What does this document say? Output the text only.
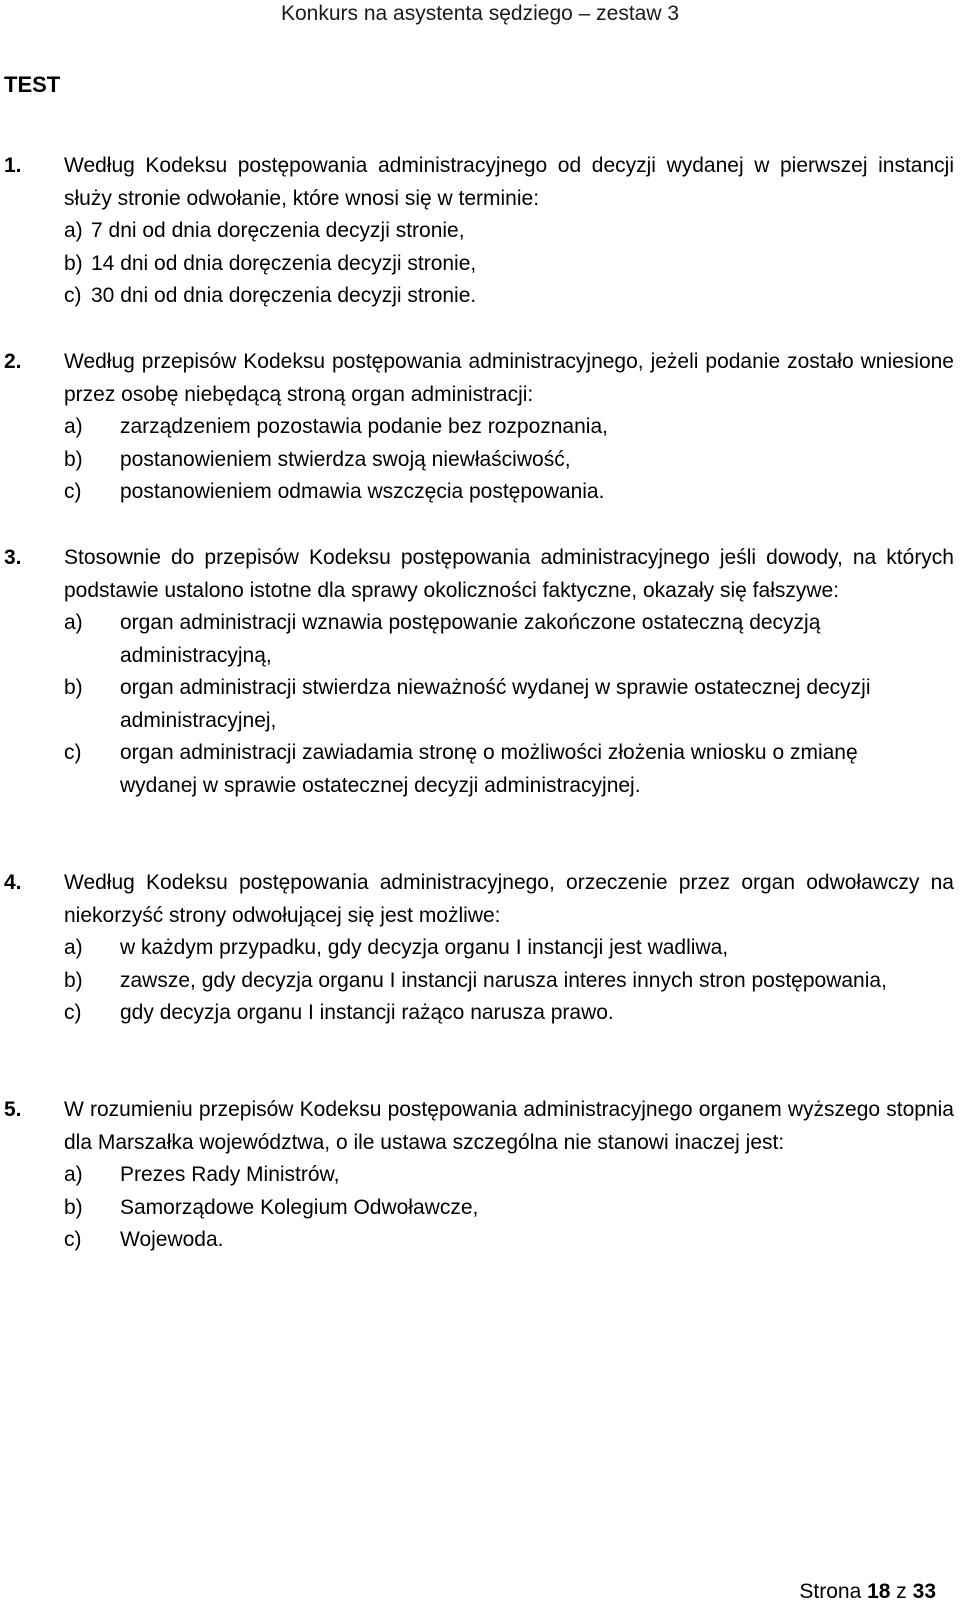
Konkurs na asystenta sędziego – zestaw 3
TEST
1. Według Kodeksu postępowania administracyjnego od decyzji wydanej w pierwszej instancji służy stronie odwołanie, które wnosi się w terminie:
a) 7 dni od dnia doręczenia decyzji stronie,
b) 14 dni od dnia doręczenia decyzji stronie,
c) 30 dni od dnia doręczenia decyzji stronie.
2. Według przepisów Kodeksu postępowania administracyjnego, jeżeli podanie zostało wniesione przez osobę niebędącą stroną organ administracji:
a) zarządzeniem pozostawia podanie bez rozpoznania,
b) postanowieniem stwierdza swoją niewłaściwość,
c) postanowieniem odmawia wszczęcia postępowania.
3. Stosownie do przepisów Kodeksu postępowania administracyjnego jeśli dowody, na których podstawie ustalono istotne dla sprawy okoliczności faktyczne, okazały się fałszywe:
a) organ administracji wznawia postępowanie zakończone ostateczną decyzją administracyjną,
b) organ administracji stwierdza nieważność wydanej w sprawie ostatecznej decyzji administracyjnej,
c) organ administracji zawiadamia stronę o możliwości złożenia wniosku o zmianę wydanej w sprawie ostatecznej decyzji administracyjnej.
4. Według Kodeksu postępowania administracyjnego, orzeczenie przez organ odwoławczy na niekorzyść strony odwołującej się jest możliwe:
a) w każdym przypadku, gdy decyzja organu I instancji jest wadliwa,
b) zawsze, gdy decyzja organu I instancji narusza interes innych stron postępowania,
c) gdy decyzja organu I instancji rażąco narusza prawo.
5. W rozumieniu przepisów Kodeksu postępowania administracyjnego organem wyższego stopnia dla Marszałka województwa, o ile ustawa szczególna nie stanowi inaczej jest:
a) Prezes Rady Ministrów,
b) Samorządowe Kolegium Odwoławcze,
c) Wojewoda.
Strona 18 z 33
